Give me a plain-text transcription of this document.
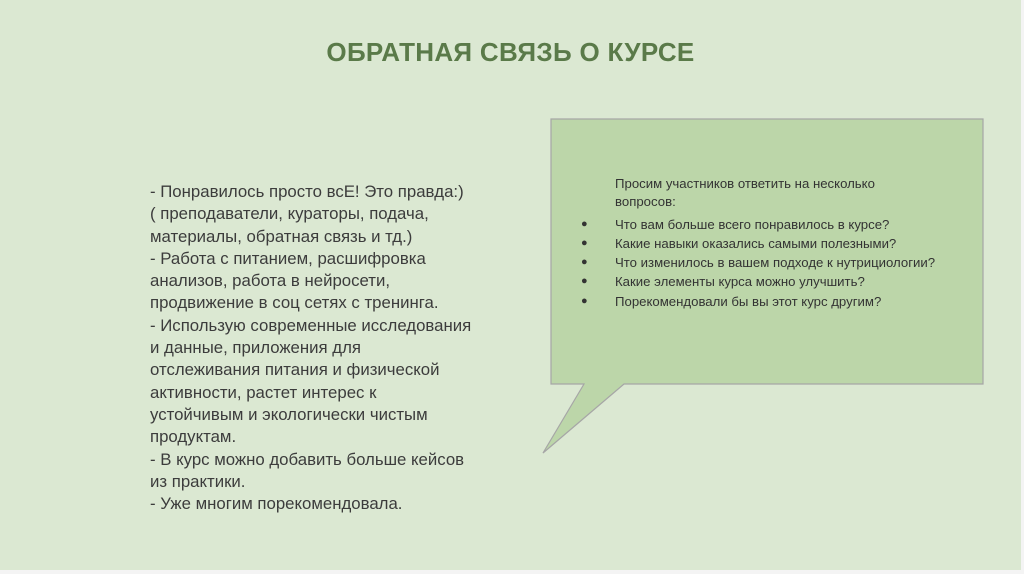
ОБРАТНАЯ СВЯЗЬ О КУРСЕ
- Понравилось просто всЕ! Это правда:)
( преподаватели, кураторы, подача,
материалы, обратная связь и тд.)
- Работа с питанием, расшифровка
анализов, работа в нейросети,
продвижение в соц сетях с тренинга.
- Использую современные исследования
и данные, приложения для
отслеживания питания и физической
активности, растет интерес к
устойчивым и экологически чистым
продуктам.
- В курс можно добавить больше кейсов
из практики.
- Уже многим порекомендовала.
Просим участников ответить на несколько
вопросов:
● Что вам больше всего понравилось в курсе?
● Какие навыки оказались самыми полезными?
● Что изменилось в вашем подходе к нутрициологии?
● Какие элементы курса можно улучшить?
● Порекомендовали бы вы этот курс другим?
